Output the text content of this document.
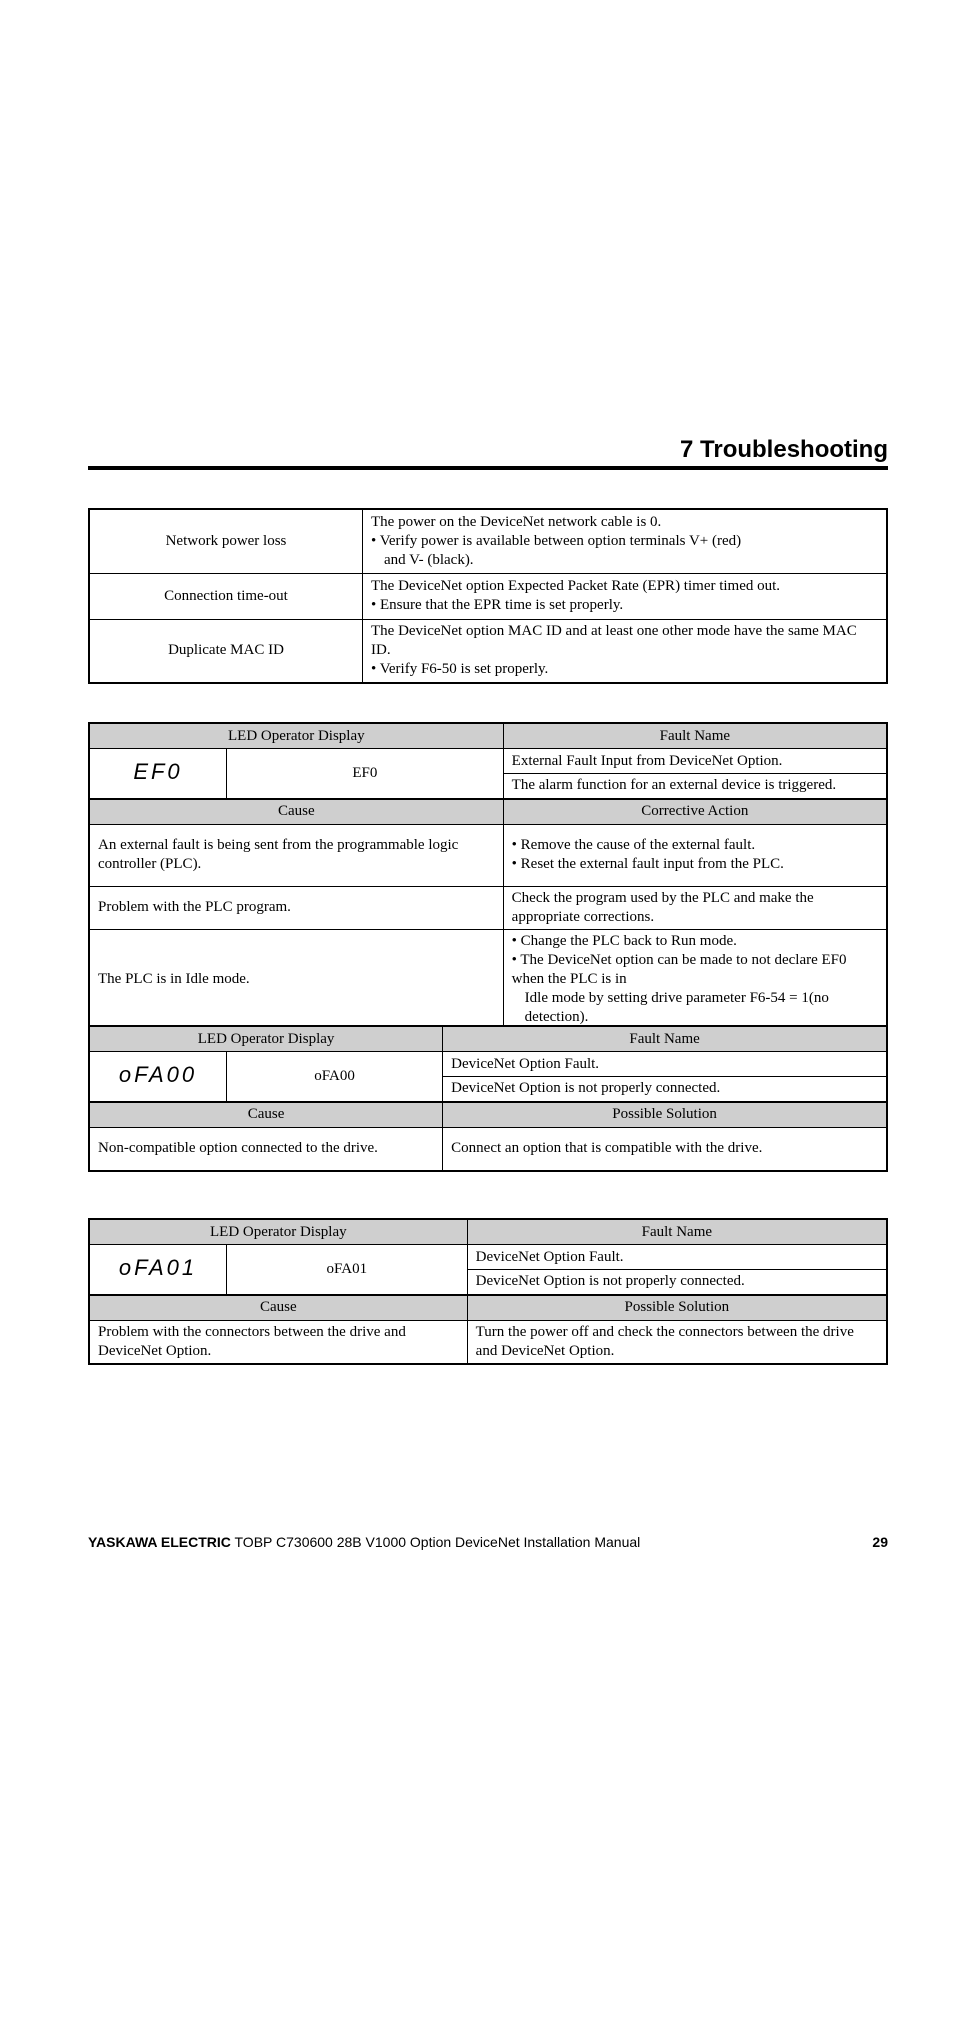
7 Troubleshooting
Network power loss	The power on the DeviceNet network cable is 0.
• Verify power is available between option terminals V+ (red)
and V- (black).

Connection time-out	The DeviceNet option Expected Packet Rate (EPR) timer timed out.
• Ensure that the EPR time is set properly.

Duplicate MAC ID	The DeviceNet option MAC ID and at least one other mode have the same MAC ID.
• Verify F6-50 is set properly.
LED Operator Display		Fault Name
EF0	EF0	External Fault Input from DeviceNet Option.
		The alarm function for an external device is triggered.
Cause		Corrective Action
An external fault is being sent from the programmable logic controller (PLC).		• Remove the cause of the external fault.
• Reset the external fault input from the PLC.

Problem with the PLC program.		Check the program used by the PLC and make the appropriate corrections.
The PLC is in Idle mode.		• Change the PLC back to Run mode.
• The DeviceNet option can be made to not declare EF0 when the PLC is in
Idle mode by setting drive parameter F6-54 = 1(no detection).
LED Operator Display		Fault Name
oFA00	oFA00	DeviceNet Option Fault.
		DeviceNet Option is not properly connected.
Cause		Possible Solution
Non-compatible option connected to the drive.		Connect an option that is compatible with the drive.
LED Operator Display		Fault Name
oFA01	oFA01	DeviceNet Option Fault.
		DeviceNet Option is not properly connected.
Cause		Possible Solution
Problem with the connectors between the drive and DeviceNet Option.		Turn the power off and check the connectors between the drive and DeviceNet Option.
YASKAWA ELECTRIC TOBP C730600 28B V1000 Option DeviceNet Installation Manual	29
